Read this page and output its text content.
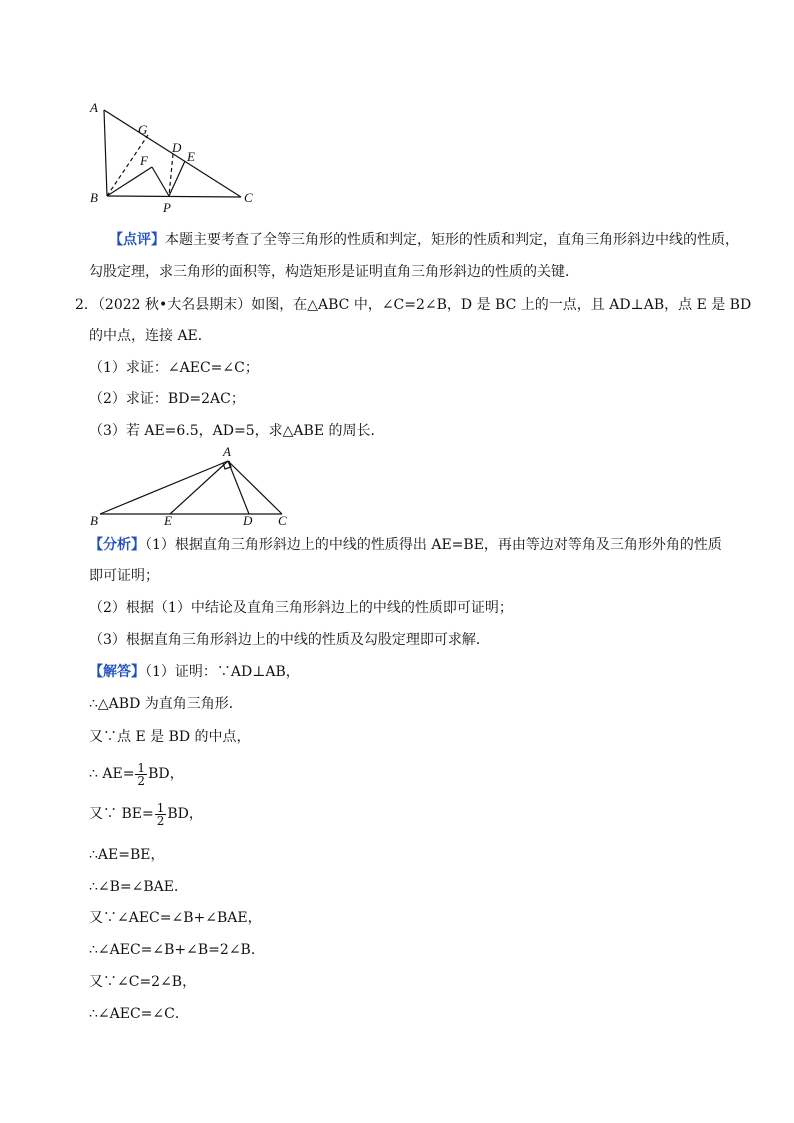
A
G
D
E
F
B
P
C
【点评】本题主要考查了全等三角形的性质和判定，矩形的性质和判定，直角三角形斜边中线的性质，
勾股定理，求三角形的面积等，构造矩形是证明直角三角形斜边的性质的关键．
2．（2022 秋•大名县期末）如图，在△ABC 中，∠C=2∠B，D 是 BC 上的一点，且 AD⊥AB，点 E 是 BD
的中点，连接 AE．
（1）求证：∠AEC=∠C；
（2）求证：BD=2AC；
（3）若 AE=6.5，AD=5，求△ABE 的周长．
A
B	E	D C
【分析】（1）根据直角三角形斜边上的中线的性质得出 AE=BE，再由等边对等角及三角形外角的性质
即可证明；
（2）根据（1）中结论及直角三角形斜边上的中线的性质即可证明；
（3）根据直角三角形斜边上的中线的性质及勾股定理即可求解．
【解答】（1）证明：∵AD⊥AB，
∴△ABD 为直角三角形．
又∵点 E 是 BD 的中点，
∴ $AE= \frac{1}{2}$ BD，
又∵ $BE= \frac{1}{2}$ BD，
∴AE=BE，
∴∠B=∠BAE．
又∵∠AEC=∠B+∠BAE，
∴∠AEC=∠B+∠B=2∠B．
又∵∠C=2∠B，
∴∠AEC=∠C．
